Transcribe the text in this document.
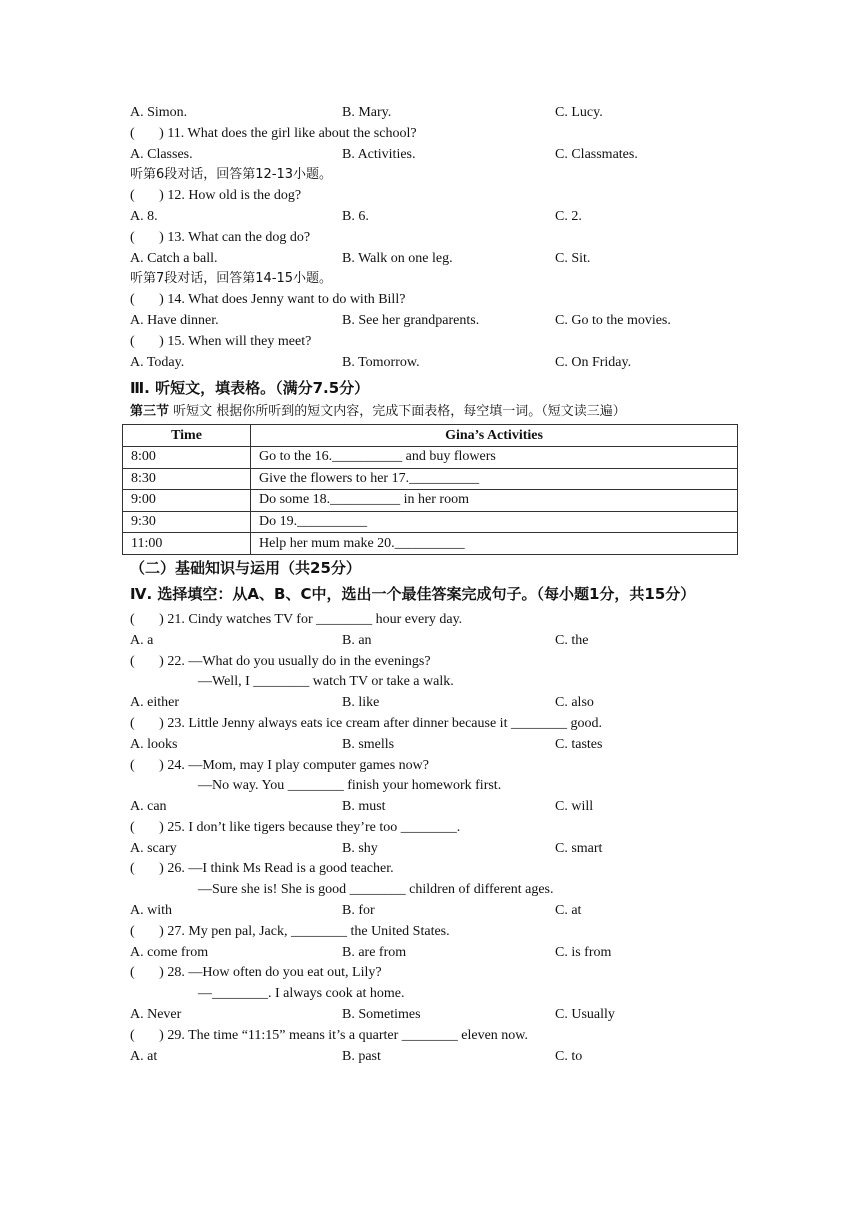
A. Simon.	B. Mary.	C. Lucy.
(       ) 11. What does the girl like about the school?
A. Classes.	B. Activities.	C. Classmates.
听第6段对话，回答第12-13小题。
(       ) 12. How old is the dog?
A. 8.	B. 6.	C. 2.
(       ) 13. What can the dog do?
A. Catch a ball.	B. Walk on one leg.	C. Sit.
听第7段对话，回答第14-15小题。
(       ) 14. What does Jenny want to do with Bill?
A. Have dinner.	B. See her grandparents.	C. Go to the movies.
(       ) 15. When will they meet?
A. Today.	B. Tomorrow.	C. On Friday.
Ⅲ. 听短文，填表格。（满分7.5分）
第三节 听短文 根据你所听到的短文内容，完成下面表格，每空填一词。（短文读三遍）
Time	Gina’s Activities
8:00	Go to the 16.__________ and buy flowers
8:30	Give the flowers to her 17.__________
9:00	Do some 18.__________ in her room
9:30	Do 19.__________
11:00	Help her mum make 20.__________
（二）基础知识与运用（共25分）
Ⅳ. 选择填空：从A、B、C中，选出一个最佳答案完成句子。（每小题1分，共15分）
(       ) 21. Cindy watches TV for ________ hour every day.
A. a	B. an	C. the
(       ) 22. —What do you usually do in the evenings?
—Well, I ________ watch TV or take a walk.
A. either	B. like	C. also
(       ) 23. Little Jenny always eats ice cream after dinner because it ________ good.
A. looks	B. smells	C. tastes
(       ) 24. —Mom, may I play computer games now?
—No way. You ________ finish your homework first.
A. can	B. must	C. will
(       ) 25. I don’t like tigers because they’re too ________.
A. scary	B. shy	C. smart
(       ) 26. —I think Ms Read is a good teacher.
—Sure she is! She is good ________ children of different ages.
A. with	B. for	C. at
(       ) 27. My pen pal, Jack, ________ the United States.
A. come from	B. are from	C. is from
(       ) 28. —How often do you eat out, Lily?
—________. I always cook at home.
A. Never	B. Sometimes	C. Usually
(       ) 29. The time “11:15” means it’s a quarter ________ eleven now.
A. at	B. past	C. to
